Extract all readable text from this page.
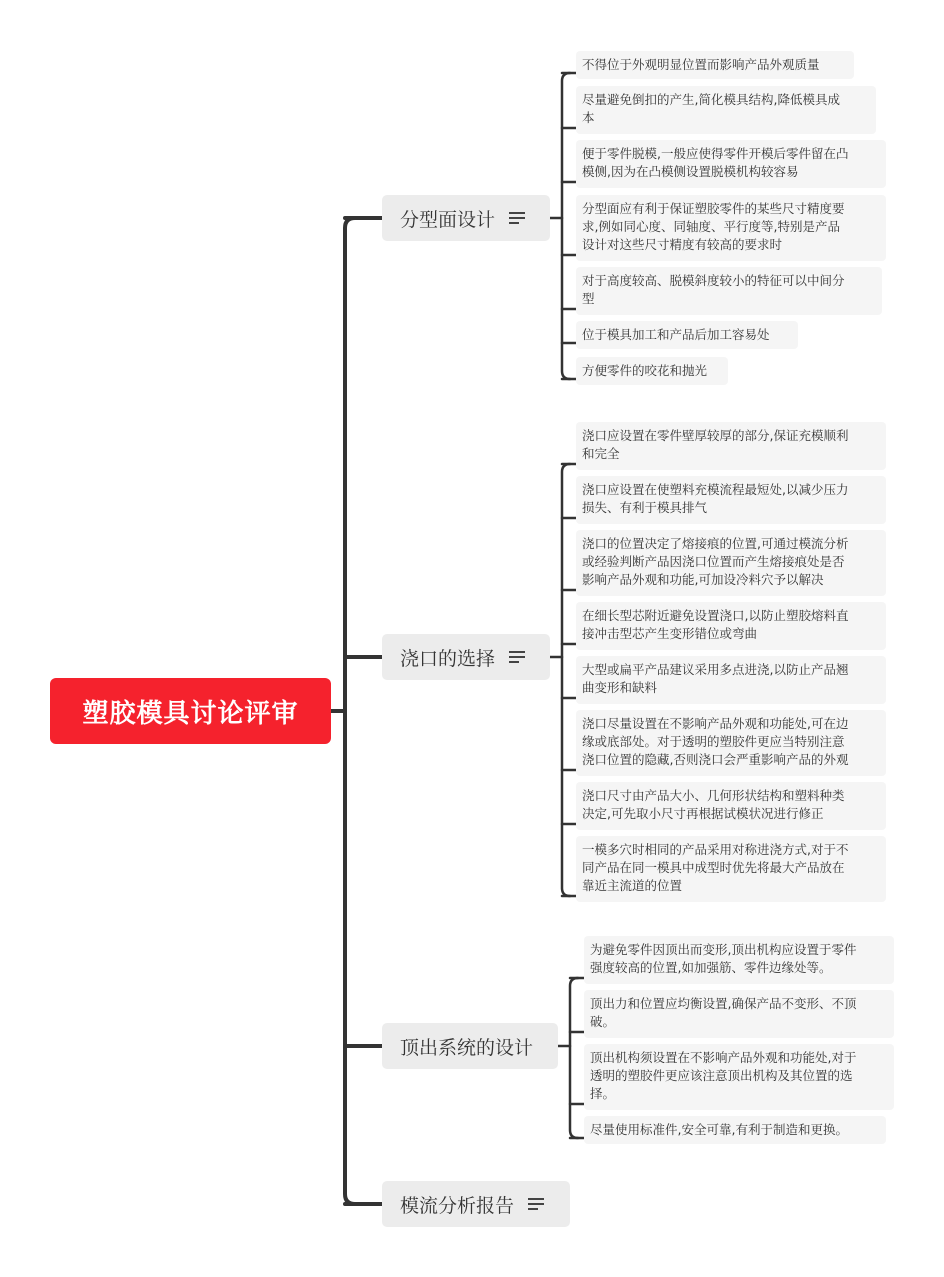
塑胶模具讨论评审
分型面设计
浇口的选择
顶出系统的设计
模流分析报告
不得位于外观明显位置而影响产品外观质量
尽量避免倒扣的产生,简化模具结构,降低模具成
本
便于零件脱模,一般应使得零件开模后零件留在凸
模侧,因为在凸模侧设置脱模机构较容易
分型面应有利于保证塑胶零件的某些尺寸精度要
求,例如同心度、同轴度、平行度等,特别是产品
设计对这些尺寸精度有较高的要求时
对于高度较高、脱模斜度较小的特征可以中间分
型
位于模具加工和产品后加工容易处
方便零件的咬花和抛光
浇口应设置在零件壁厚较厚的部分,保证充模顺利
和完全
浇口应设置在使塑料充模流程最短处,以减少压力
损失、有利于模具排气
浇口的位置决定了熔接痕的位置,可通过模流分析
或经验判断产品因浇口位置而产生熔接痕处是否
影响产品外观和功能,可加设冷料穴予以解决
在细长型芯附近避免设置浇口,以防止塑胶熔料直
接冲击型芯产生变形错位或弯曲
大型或扁平产品建议采用多点进浇,以防止产品翘
曲变形和缺料
浇口尽量设置在不影响产品外观和功能处,可在边
缘或底部处。对于透明的塑胶件更应当特别注意
浇口位置的隐藏,否则浇口会严重影响产品的外观
浇口尺寸由产品大小、几何形状结构和塑料种类
决定,可先取小尺寸再根据试模状况进行修正
一模多穴时相同的产品采用对称进浇方式,对于不
同产品在同一模具中成型时优先将最大产品放在
靠近主流道的位置
为避免零件因顶出而变形,顶出机构应设置于零件
强度较高的位置,如加强筋、零件边缘处等。
顶出力和位置应均衡设置,确保产品不变形、不顶
破。
顶出机构须设置在不影响产品外观和功能处,对于
透明的塑胶件更应该注意顶出机构及其位置的选
择。
尽量使用标准件,安全可靠,有利于制造和更换。
